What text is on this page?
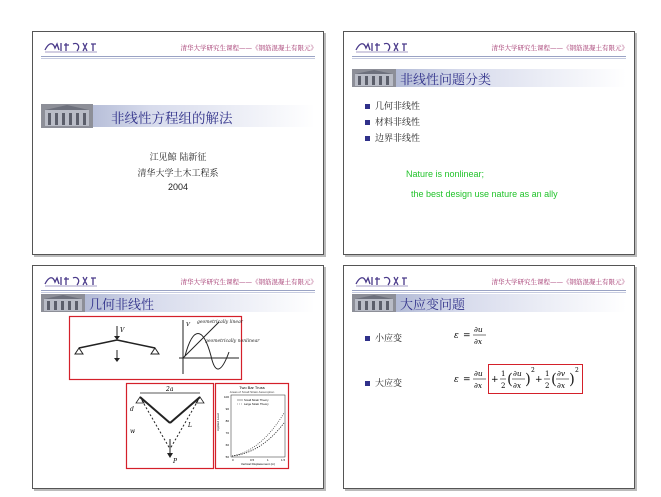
清华大学研究生课程——《钢筋混凝土有限元》
非线性方程组的解法
江见鲸 陆新征
清华大学土木工程系
2004
清华大学研究生课程——《钢筋混凝土有限元》
非线性问题分类
几何非线性
材料非线性
边界非线性
Nature is nonlinear;
the best design use nature as an ally
清华大学研究生课程——《钢筋混凝土有限元》
几何非线性
V
V geometrically linear
geometrically nonlinear
2a
d
w
L
P
Two Bar Truss
Areas of Small Strain Assumption
Applied Load
Vertical Displacement (m)
100
90
80
70
60
50
0	0.5	1	1.5
Small Strain Theory
Large Strain Theory
清华大学研究生课程——《钢筋混凝土有限元》
大应变问题
小应变	ε =
∂u
∂x
大应变	ε =
∂u
∂x
+
1
2 ( ∂u
∂x ) 2
+
1
2 ( ∂v
∂x ) 2
